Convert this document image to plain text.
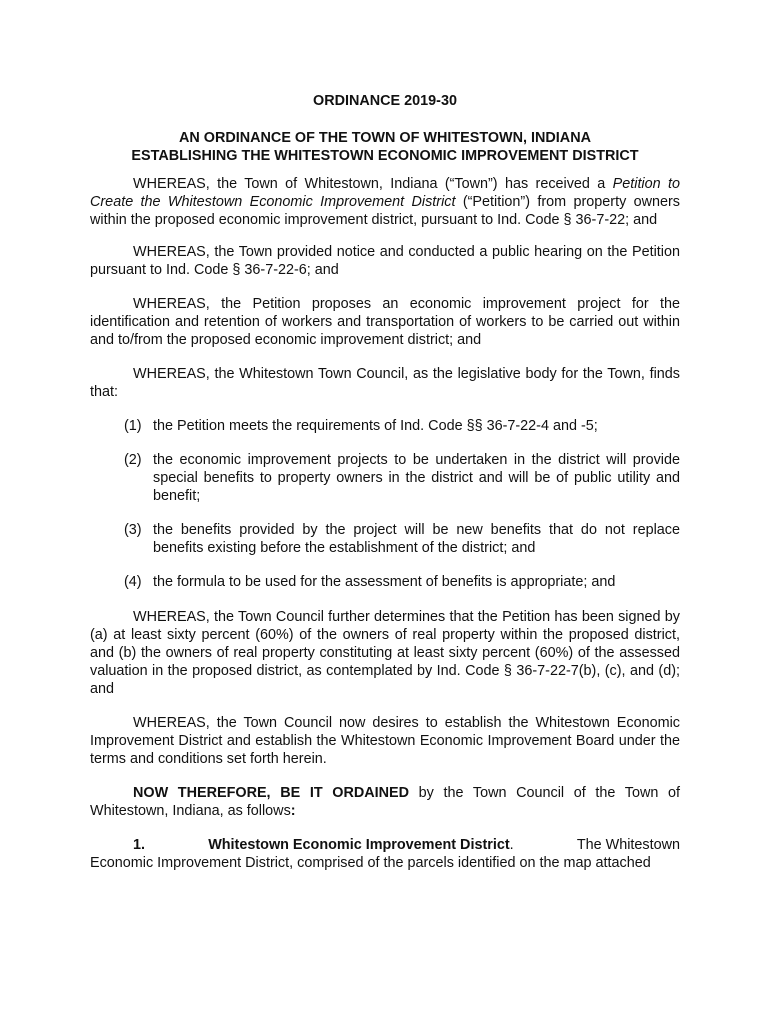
ORDINANCE 2019-30
AN ORDINANCE OF THE TOWN OF WHITESTOWN, INDIANA
ESTABLISHING THE WHITESTOWN ECONOMIC IMPROVEMENT DISTRICT

WHEREAS, the Town of Whitestown, Indiana (“Town”) has received a Petition to Create the Whitestown Economic Improvement District (“Petition”) from property owners within the proposed economic improvement district, pursuant to Ind. Code § 36-7-22; and

WHEREAS, the Town provided notice and conducted a public hearing on the Petition pursuant to Ind. Code § 36-7-22-6; and

WHEREAS, the Petition proposes an economic improvement project for the identification and retention of workers and transportation of workers to be carried out within and to/from the proposed economic improvement district; and

WHEREAS, the Whitestown Town Council, as the legislative body for the Town, finds that:

(1) the Petition meets the requirements of Ind. Code §§ 36-7-22-4 and -5;
(2) the economic improvement projects to be undertaken in the district will provide special benefits to property owners in the district and will be of public utility and benefit;
(3) the benefits provided by the project will be new benefits that do not replace benefits existing before the establishment of the district; and
(4) the formula to be used for the assessment of benefits is appropriate; and

WHEREAS, the Town Council further determines that the Petition has been signed by (a) at least sixty percent (60%) of the owners of real property within the proposed district, and (b) the owners of real property constituting at least sixty percent (60%) of the assessed valuation in the proposed district, as contemplated by Ind. Code § 36-7-22-7(b), (c), and (d); and

WHEREAS, the Town Council now desires to establish the Whitestown Economic Improvement District and establish the Whitestown Economic Improvement Board under the terms and conditions set forth herein.

NOW THEREFORE, BE IT ORDAINED by the Town Council of the Town of Whitestown, Indiana, as follows:

1.	Whitestown Economic Improvement District.	The Whitestown
Economic Improvement District, comprised of the parcels identified on the map attached
